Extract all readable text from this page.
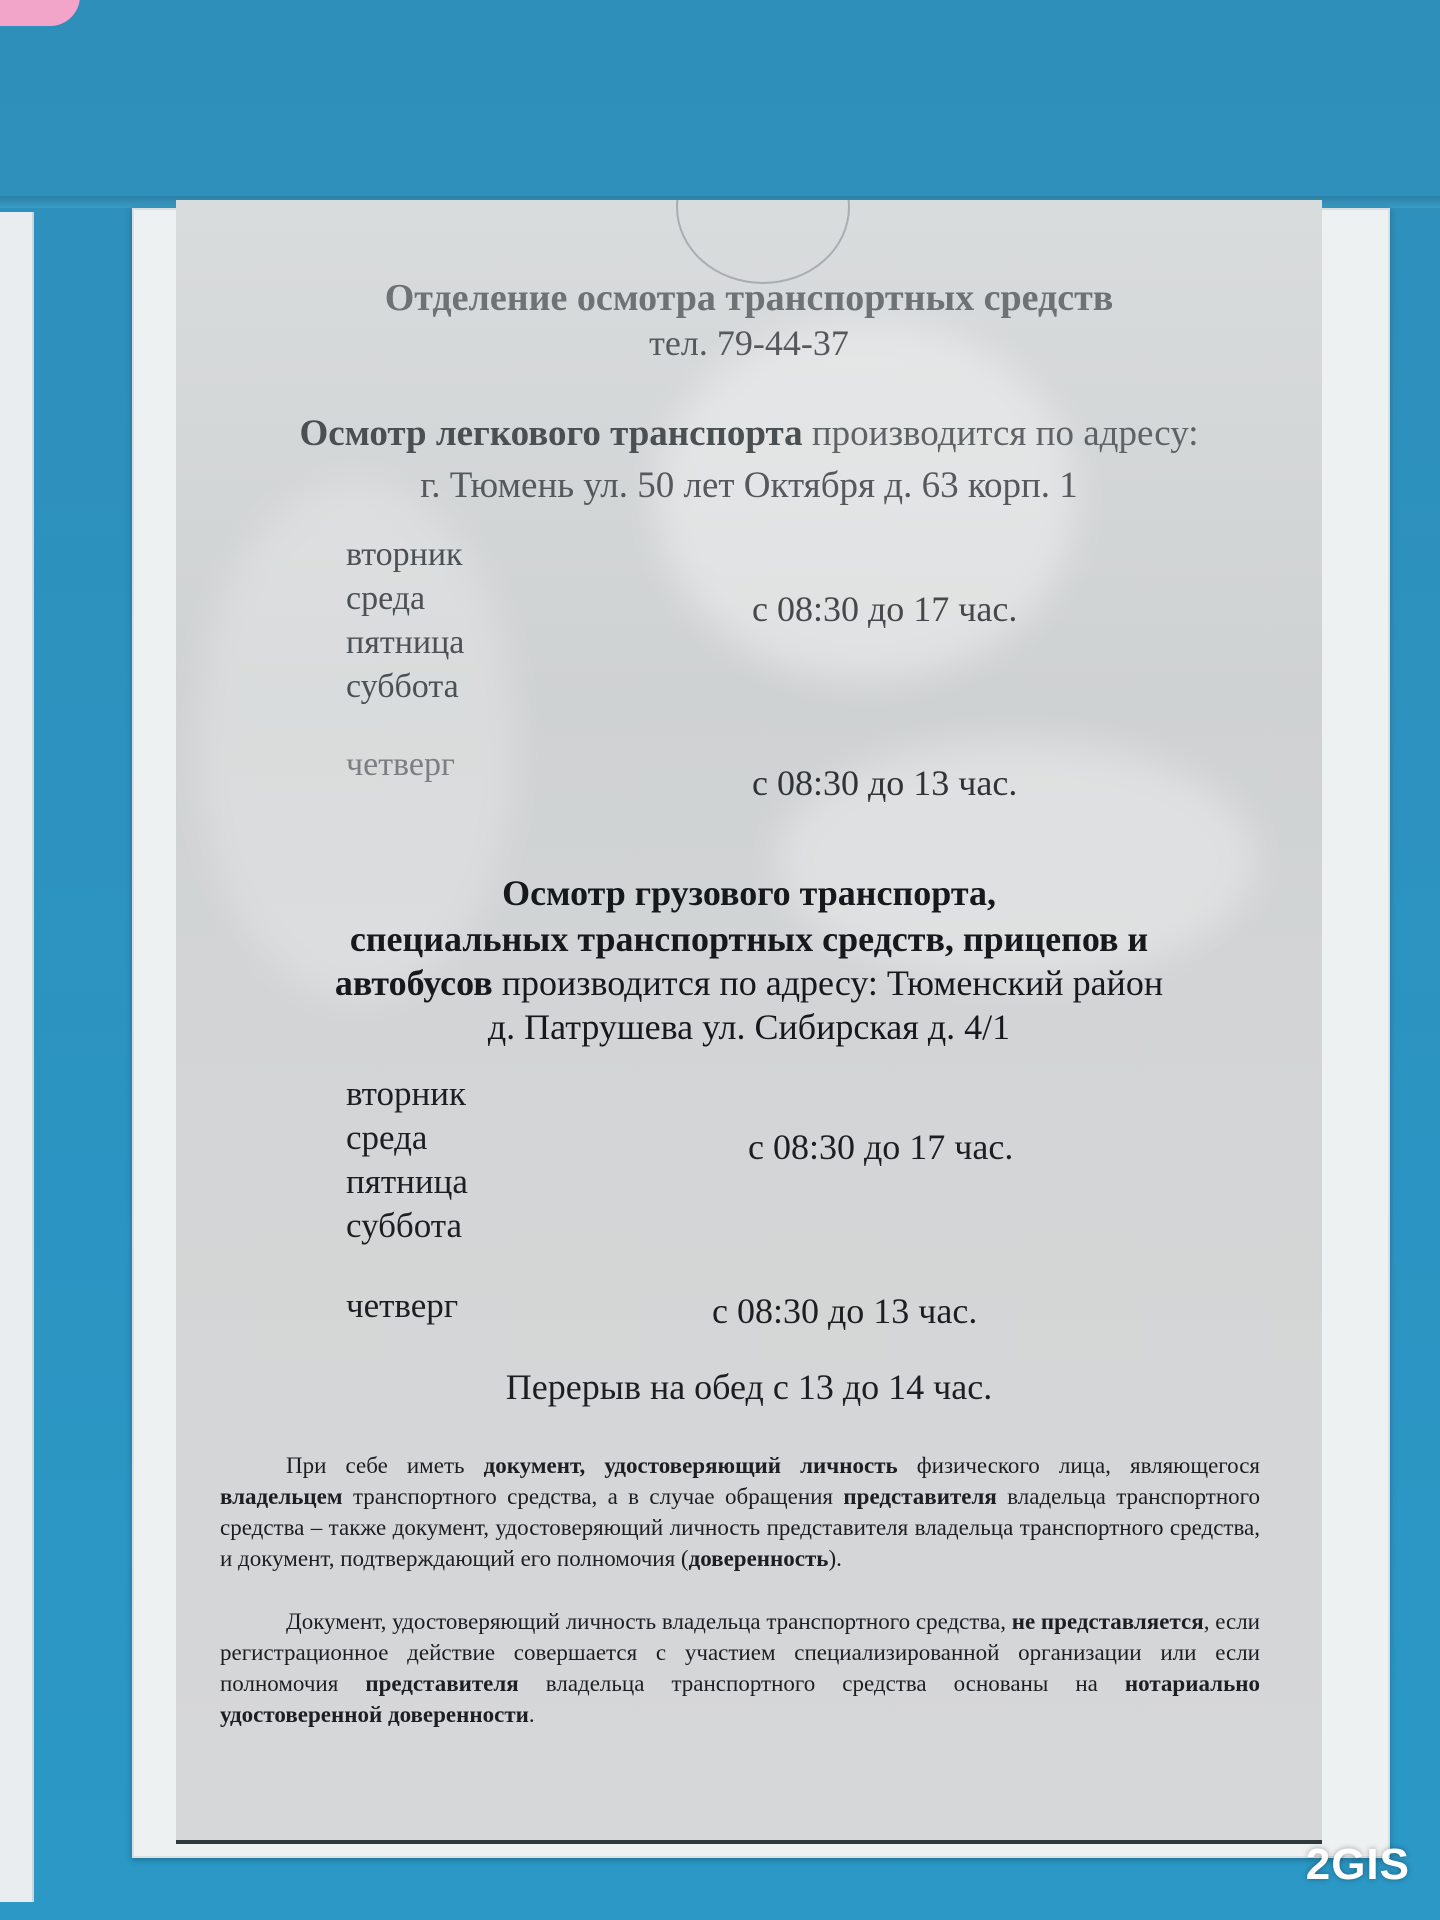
Отделение осмотра транспортных средств
тел. 79-44-37
Осмотр легкового транспорта производится по адресу:
г. Тюмень ул. 50 лет Октября д. 63 корп. 1
вторник
среда
пятница
суббота
с 08:30 до 17 час.
четверг	с 08:30 до 13 час.
Осмотр грузового транспорта,
специальных транспортных средств, прицепов и
автобусов производится по адресу: Тюменский район
д. Патрушева ул. Сибирская д. 4/1
вторник
среда
пятница
суббота
с 08:30 до 17 час.
четверг	с 08:30 до 13 час.
Перерыв на обед с 13 до 14 час.
При себе иметь документ, удостоверяющий личность физического лица, являющегося владельцем транспортного средства, а в случае обращения представителя владельца транспортного средства – также документ, удостоверяющий личность представителя владельца транспортного средства, и документ, подтверждающий его полномочия (доверенность).
Документ, удостоверяющий личность владельца транспортного средства, не представляется, если регистрационное действие совершается с участием специализированной организации или если полномочия представителя владельца транспортного средства основаны на нотариально удостоверенной доверенности.
2GIS
